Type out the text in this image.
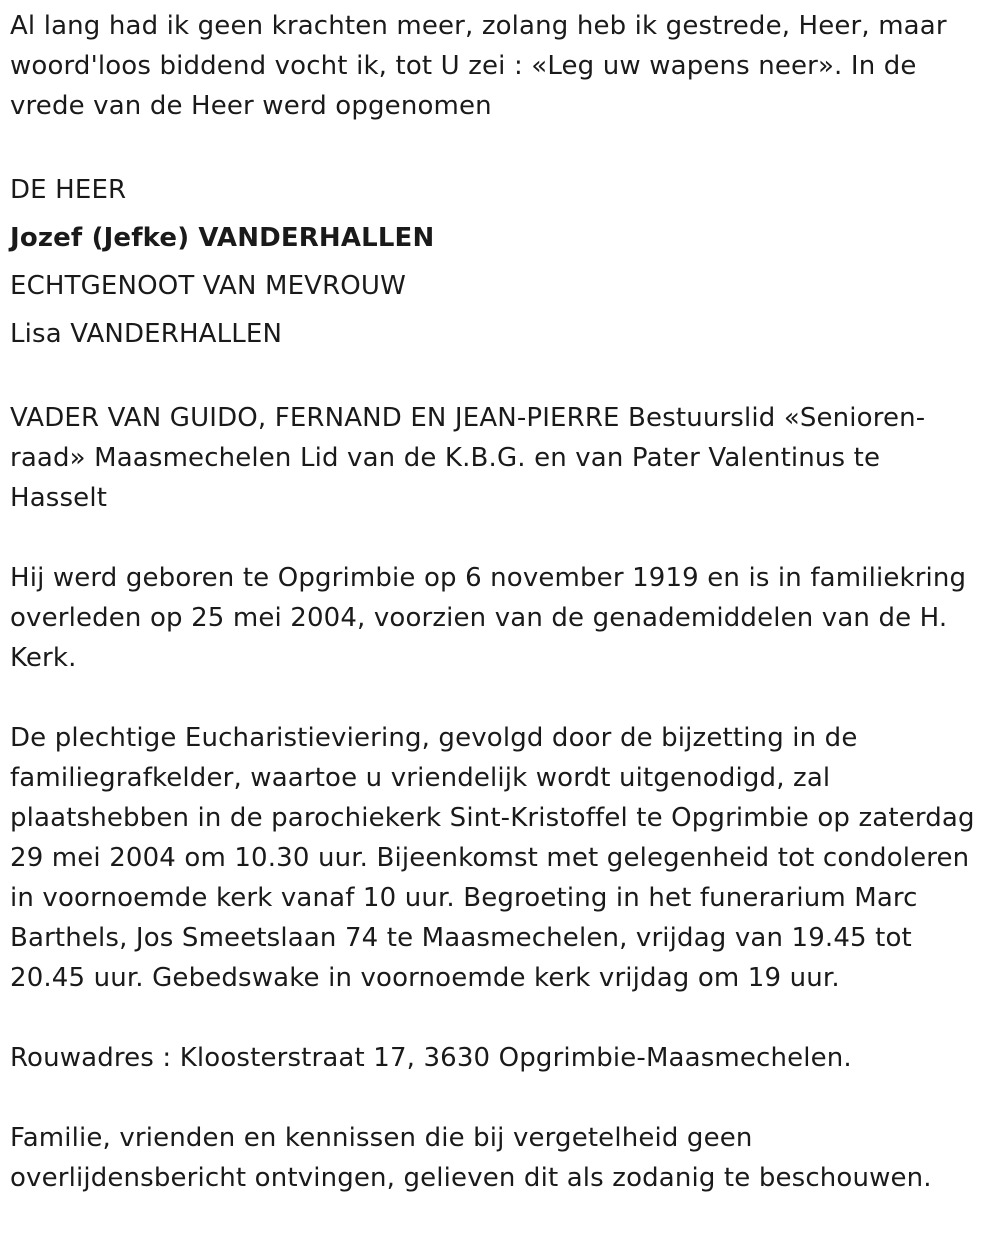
Al lang had ik geen krachten meer, zolang heb ik gestrede, Heer, maar woord'loos biddend vocht ik, tot U zei : «Leg uw wapens neer». In de vrede van de Heer werd opgenomen

DE HEER

Jozef (Jefke) VANDERHALLEN

ECHTGENOOT VAN MEVROUW

Lisa VANDERHALLEN

VADER VAN GUIDO, FERNAND EN JEAN-PIERRE Bestuurslid «Senioren-raad» Maasmechelen Lid van de K.B.G. en van Pater Valentinus te Hasselt

Hij werd geboren te Opgrimbie op 6 november 1919 en is in familiekring overleden op 25 mei 2004, voorzien van de genademiddelen van de H. Kerk.

De plechtige Eucharistieviering, gevolgd door de bijzetting in de familiegrafkelder, waartoe u vriendelijk wordt uitgenodigd, zal plaatshebben in de parochiekerk Sint-Kristoffel te Opgrimbie op zaterdag 29 mei 2004 om 10.30 uur. Bijeenkomst met gelegenheid tot condoleren in voornoemde kerk vanaf 10 uur. Begroeting in het funerarium Marc Barthels, Jos Smeetslaan 74 te Maasmechelen, vrijdag van 19.45 tot 20.45 uur. Gebedswake in voornoemde kerk vrijdag om 19 uur.

Rouwadres : Kloosterstraat 17, 3630 Opgrimbie-Maasmechelen.

Familie, vrienden en kennissen die bij vergetelheid geen overlijdensbericht ontvingen, gelieven dit als zodanig te beschouwen.
